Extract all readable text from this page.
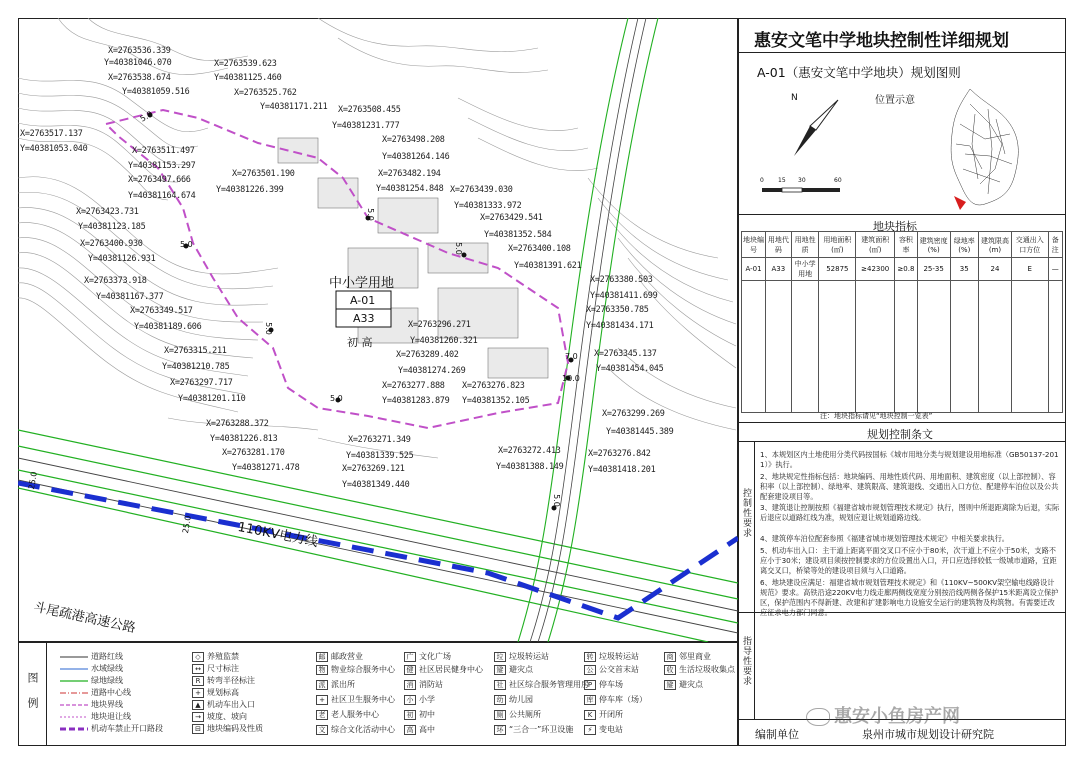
中小学用地
A-01
A33
初 高
110KV电力线
斗尾疏港高速公路
5.0
5.0
5.0
5.0
5.0
5.0
7.0
10.0
5.0
25.0
25.0
X=2763536.339
Y=40381046.070
X=2763538.674
Y=40381059.516
X=2763539.623
Y=40381125.460
X=2763525.762
Y=40381171.211 X=2763508.455
Y=40381231.777
X=2763517.137
Y=40381053.040	X=2763511.497
Y=40381153.297
X=2763497.666
Y=40381164.674
X=2763501.190
Y=40381226.399
X=2763498.208
Y=40381264.146
X=2763482.194
Y=40381254.848 X=2763439.030
Y=40381333.972
X=2763423.731
Y=40381123.185
X=2763400.930
Y=40381126.931
X=2763429.541
Y=40381352.584
X=2763400.108
Y=40381391.621
X=2763373.918
Y=40381167.377
X=2763349.517
Y=40381189.606
X=2763380.503
Y=40381411.699
X=2763350.785
Y=40381434.171
X=2763296.271
Y=40381260.321
X=2763289.402
Y=40381274.269
X=2763315.211
Y=40381210.785
X=2763297.717
Y=40381201.110
X=2763345.137
Y=40381454.045
X=2763277.888
Y=40381283.879
X=2763276.823
Y=40381352.105
X=2763288.372
Y=40381226.813
X=2763281.170
Y=40381271.478
X=2763299.269
Y=40381445.389
X=2763271.349
Y=40381339.525
X=2763269.121
Y=40381349.440
X=2763272.413
Y=40381388.149
X=2763276.842
Y=40381418.201
图例
道路红线
水域绿线
绿地绿线
道路中心线
地块界线
地块退让线
机动车禁止开口路段
◇ 养殖监禁
↔ 尺寸标注
R 转弯半径标注
+ 规划标高
▲ 机动车出入口
→ 坡度、坡向
⊟ 地块编码及性质
邮 邮政营业
物 物业综合服务中心
派 派出所
+ 社区卫生服务中心
老 老人服务中心
文 综合文化活动中心
广 文化广场
健 社区居民健身中心
消 消防站
小 小学
初 初中
高 高中
垃 垃圾转运站
避 避灾点
社 社区综合服务管理用房
幼 幼儿园
厕 公共厕所
环 “三合一”环卫设施
转 垃圾转运站
公 公交首末站
P 停车场
库 停车库（场）
K 开闭所
⚡ 变电站
商 邻里商业
收 生活垃圾收集点
避 避灾点
惠安文笔中学地块控制性详细规划
A-01（惠安文笔中学地块）规划图则
N
0 15 30	60
位置示意
地块指标
地块编号	用地代码	用地性质	用地面积(㎡)	建筑面积(㎡)	容积率	建筑密度(%)	绿地率(%)	建筑限高(m)	交通出入口方位	备注
A-01	A33	中小学用地	52875	≥42300	≥0.8	25-35	35	24	E	—

注：地块指标请见“地块控制一览表”
规划控制条文
控制性要求
指导性要求
1、本规划区内土地使用分类代码按国标《城市用地分类与规划建设用地标准（GB50137-2011）》执行。
2、地块规定性指标包括：地块编码、用地性质代码、用地面积、建筑密度（以上部控制）、容积率（以上部控制）、绿地率、建筑限高、建筑退线、交通出入口方位、配建停车泊位以及公共配套建设项目等。
3、建筑退让控制按照《福建省城市规划管理技术规定》执行，图则中所退距离除为后退，实际后退应以道路红线为准，规划应退让规划道路边线。
4、建筑停车泊位配套参照《福建省城市规划管理技术规定》中相关要求执行。
5、机动车出入口：主干道上距离平面交叉口不应小于80米，次干道上不应小于50米，支路不应小于30米；建设项目须按控制要求的方位设置出入口，开口应选择较低一级城市道路，宜距离交叉口，桥梁等处的建设项目须与入口道路。
6、地块建设应满足：福建省城市规划管理技术规定》和《110KV~500KV架空输电线路设计规范》要求。高铁沿途220KV电力线走廊两侧线宽度分别按沿线两侧各保护15米距离设立保护区，保护范围内不得新建、改建和扩建影响电力设施安全运行的建筑物及构筑物。有需要迁改应征求电力部门同意。
编制单位	泉州市城市规划设计研究院
惠安小鱼房产网
